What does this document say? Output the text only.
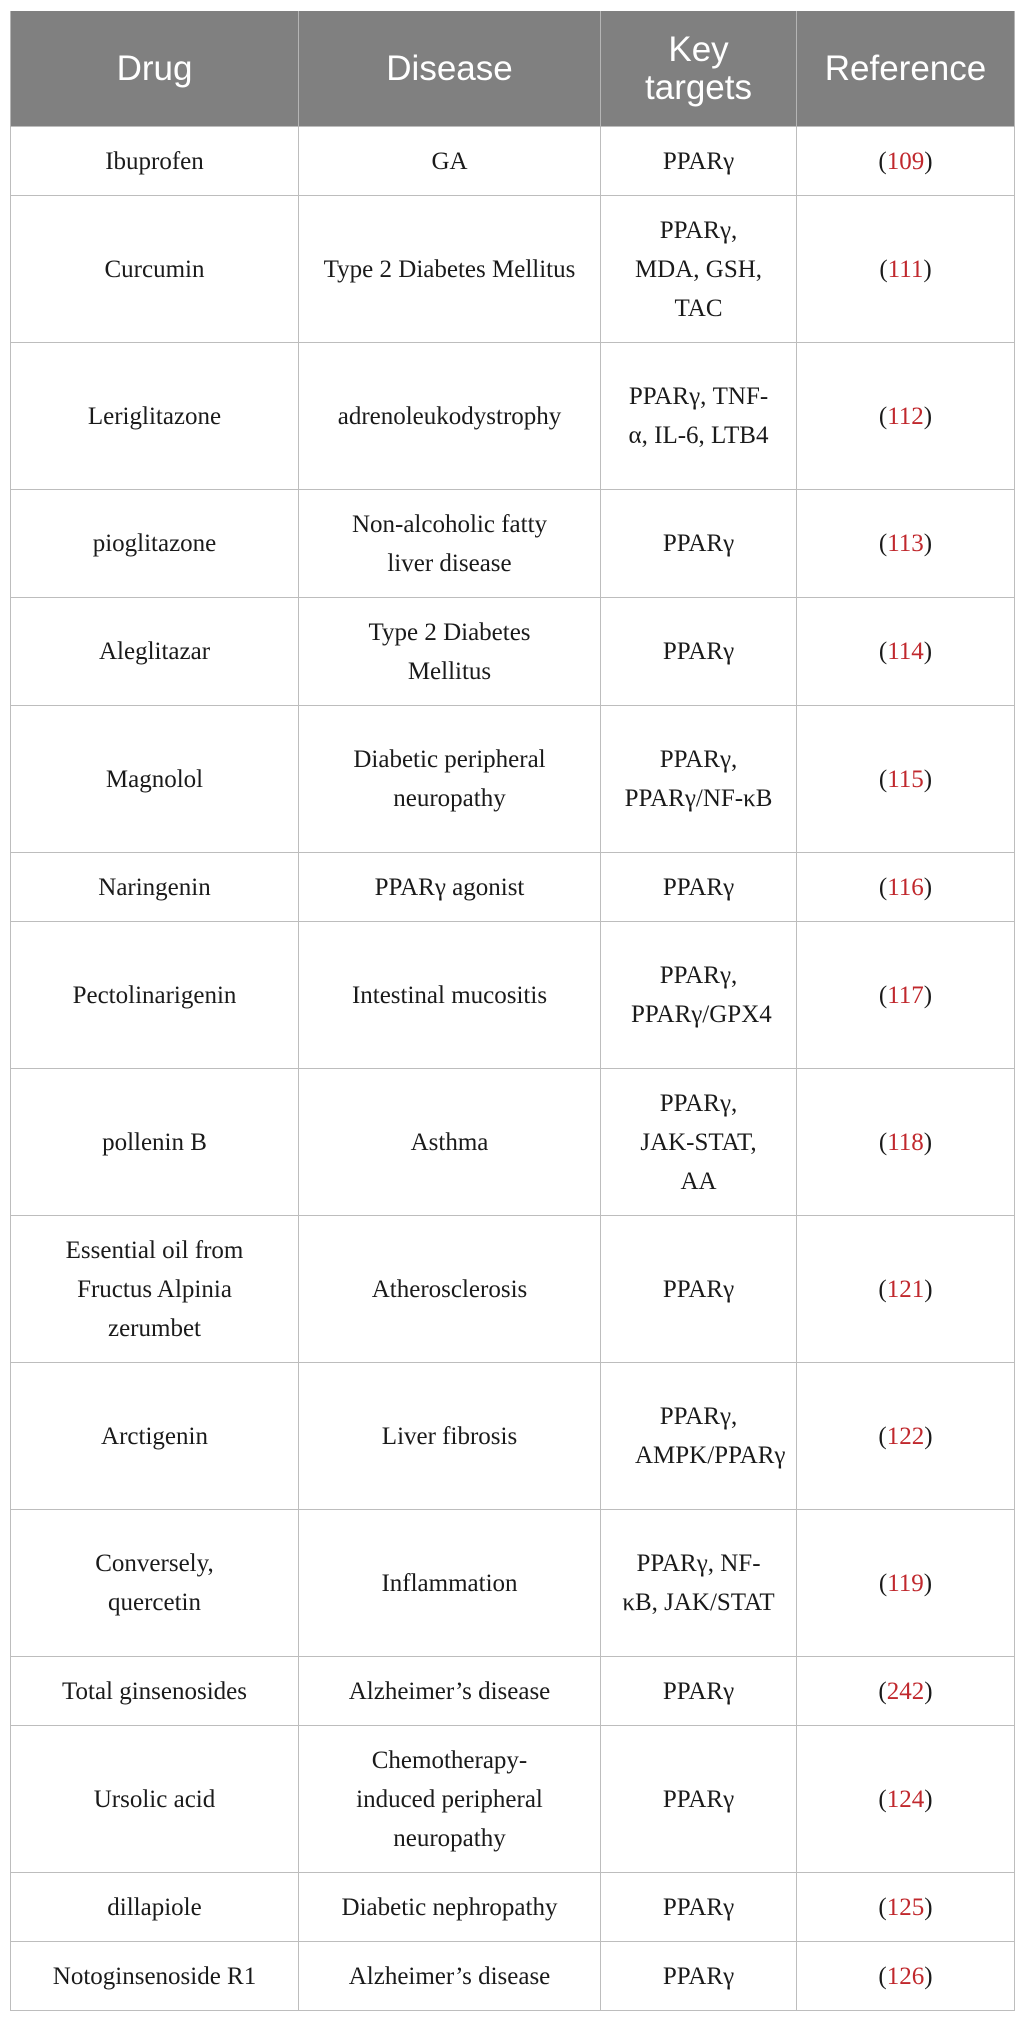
Drug	Disease	Key targets	Reference
Ibuprofen	GA	PPARγ	(109)
Curcumin	Type 2 Diabetes Mellitus	PPARγ, MDA, GSH, TAC	(111)
Leriglitazone	adrenoleukodystrophy	PPARγ, TNF-α, IL-6, LTB4	(112)
pioglitazone	Non-alcoholic fatty liver disease	PPARγ	(113)
Aleglitazar	Type 2 Diabetes Mellitus	PPARγ	(114)
Magnolol	Diabetic peripheral neuropathy	PPARγ, PPARγ/NF-κB	(115)
Naringenin	PPARγ agonist	PPARγ	(116)
Pectolinarigenin	Intestinal mucositis	PPARγ, PPARγ/GPX4	(117)
pollenin B	Asthma	PPARγ, JAK-STAT, AA	(118)
Essential oil from Fructus Alpinia zerumbet	Atherosclerosis	PPARγ	(121)
Arctigenin	Liver fibrosis	PPARγ, AMPK/PPARγ	(122)
Conversely, quercetin	Inflammation	PPARγ, NF-κB, JAK/STAT	(119)
Total ginsenosides	Alzheimer’s disease	PPARγ	(242)
Ursolic acid	Chemotherapy-induced peripheral neuropathy	PPARγ	(124)
dillapiole	Diabetic nephropathy	PPARγ	(125)
Notoginsenoside R1	Alzheimer’s disease	PPARγ	(126)
